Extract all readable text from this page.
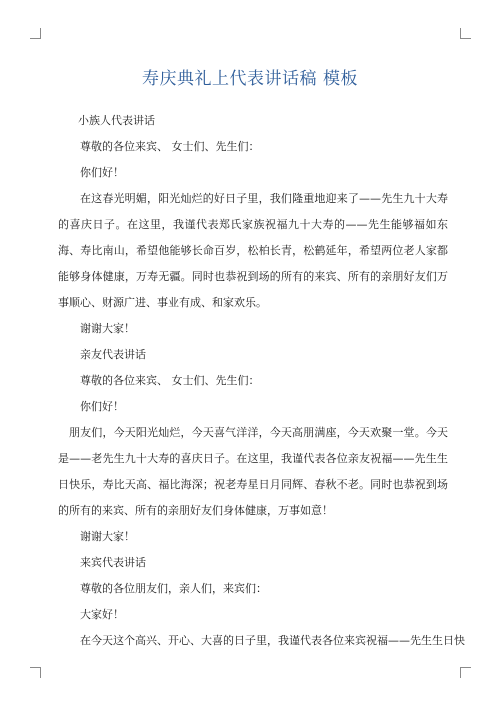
寿庆典礼上代表讲话稿 模板

小族人代表讲话

尊敬的各位来宾、 女士们、先生们：

你们好！

在这春光明媚，阳光灿烂的好日子里，我们隆重地迎来了——先生九十大寿的喜庆日子。在这里，我谨代表郑氏家族祝福九十大寿的——先生能够福如东海、寿比南山，希望他能够长命百岁，松柏长青，松鹤延年，希望两位老人家都能够身体健康，万寿无疆。同时也恭祝到场的所有的来宾、所有的亲朋好友们万事顺心、财源广进、事业有成、和家欢乐。

谢谢大家！

亲友代表讲话

尊敬的各位来宾、 女士们、先生们：

你们好！

朋友们，今天阳光灿烂，今天喜气洋洋，今天高朋满座，今天欢聚一堂。今天是——老先生九十大寿的喜庆日子。在这里，我谨代表各位亲友祝福——先生生日快乐，寿比天高、福比海深；祝老寿星日月同辉、春秋不老。同时也恭祝到场的所有的来宾、所有的亲朋好友们身体健康，万事如意！

谢谢大家！

来宾代表讲话

尊敬的各位朋友们，亲人们，来宾们：

大家好！

在今天这个高兴、开心、大喜的日子里，我谨代表各位来宾祝福——先生生日快
